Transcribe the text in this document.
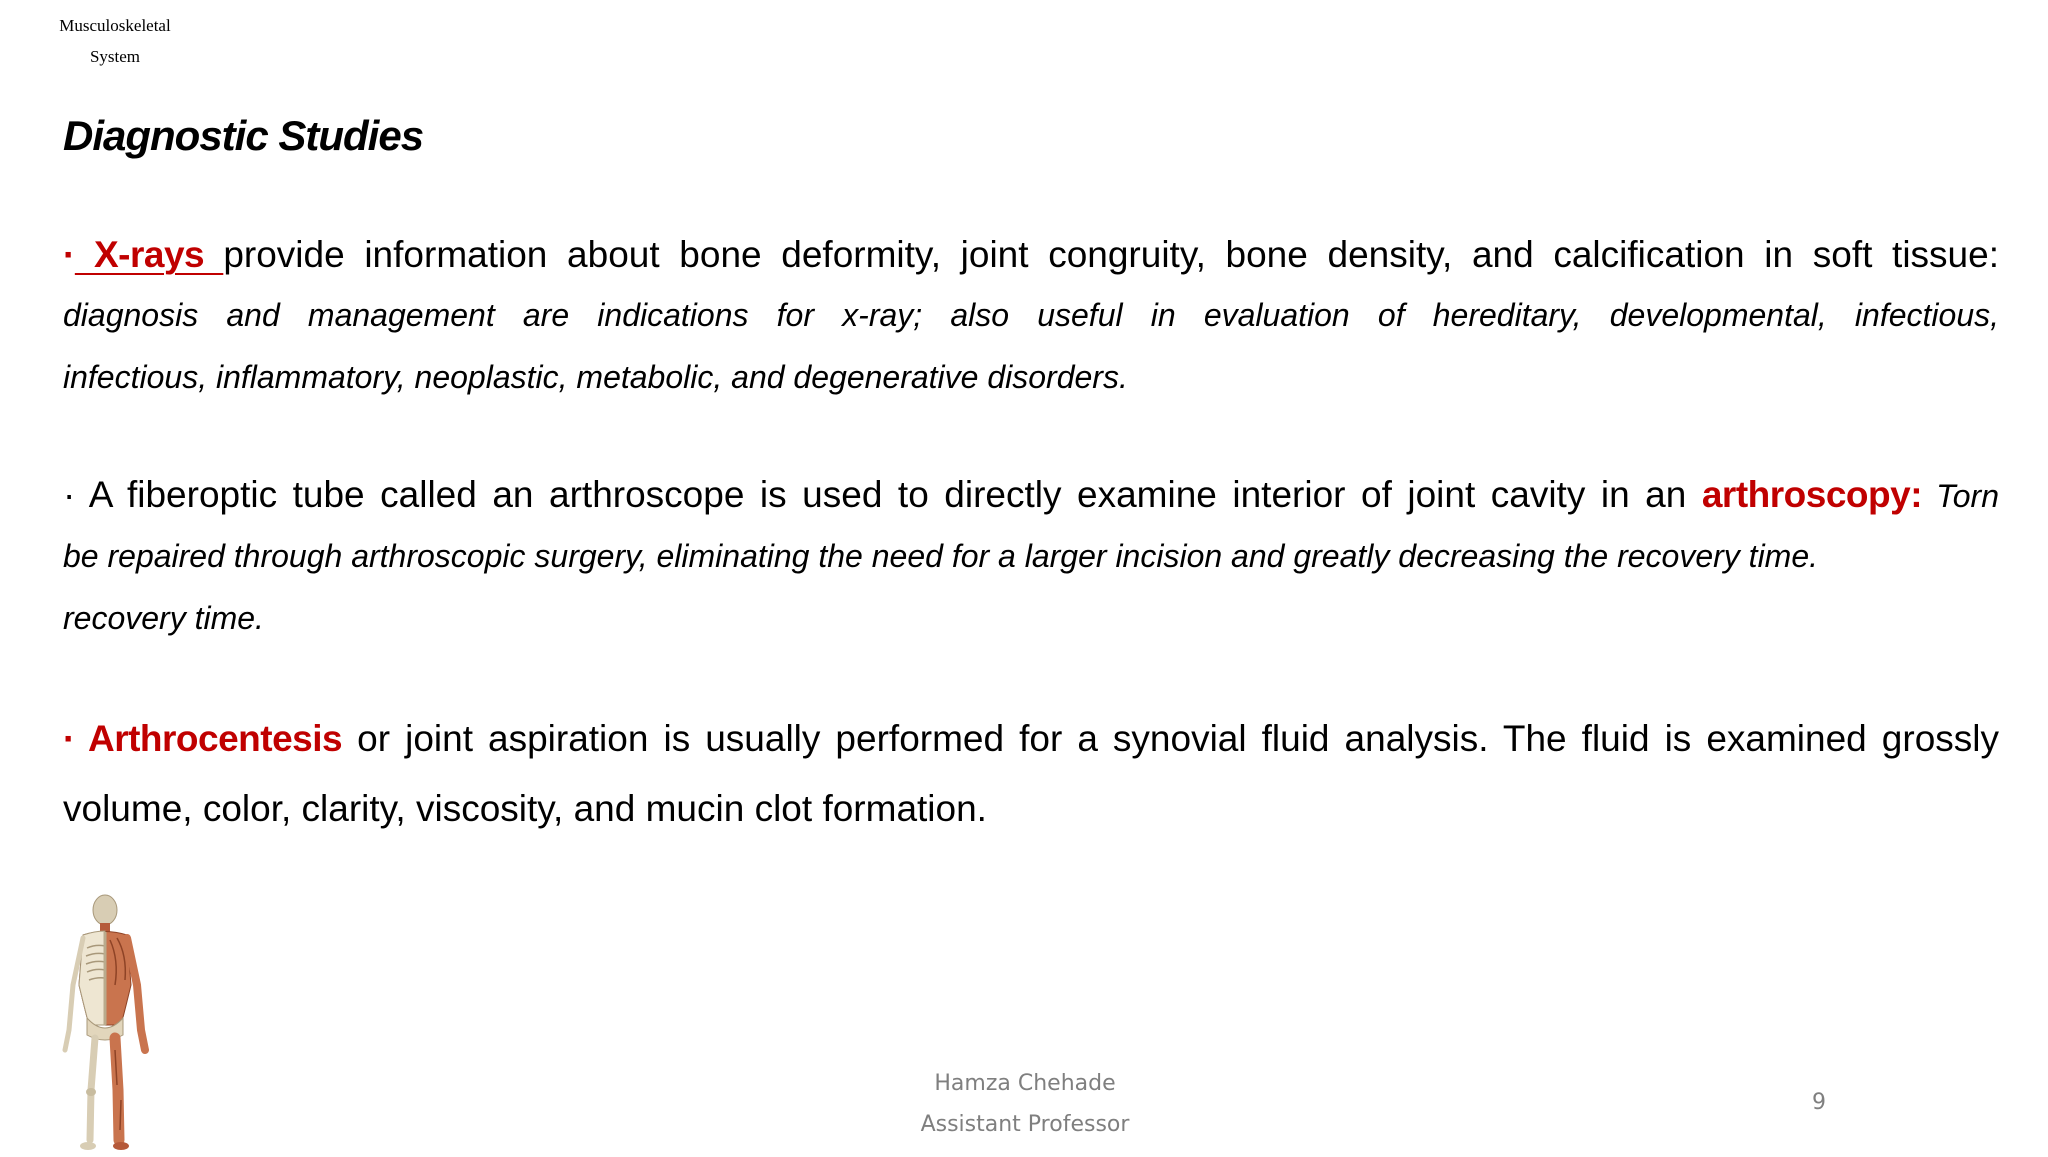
Musculoskeletal
System
Diagnostic Studies
· X-rays provide information about bone deformity, joint congruity, bone density, and calcification in soft tissue:
diagnosis and management are indications for x-ray; also useful in evaluation of hereditary, developmental, infectious,
infectious, inflammatory, neoplastic, metabolic, and degenerative disorders.
· A fiberoptic tube called an arthroscope is used to directly examine interior of joint cavity in an arthroscopy: Torn
be repaired through arthroscopic surgery, eliminating the need for a larger incision and greatly decreasing the recovery time.
recovery time.
· Arthrocentesis or joint aspiration is usually performed for a synovial fluid analysis. The fluid is examined grossly
volume, color, clarity, viscosity, and mucin clot formation.
Hamza Chehade
Assistant Professor
9
